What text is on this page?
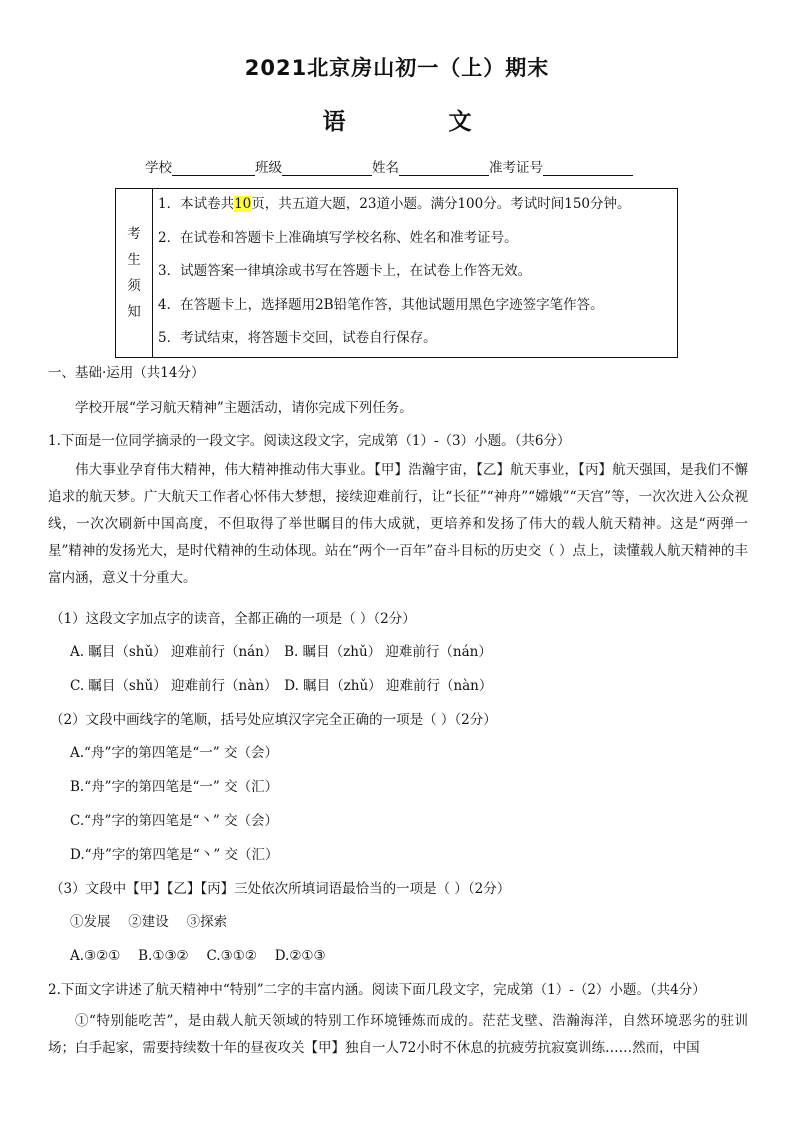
2021北京房山初一（上）期末
语　文
学校	班级	姓名	准考证号
考
生
须
知
1．本试卷共10页，共五道大题，23道小题。满分100分。考试时间150分钟。
2．在试卷和答题卡上准确填写学校名称、姓名和准考证号。
3．试题答案一律填涂或书写在答题卡上，在试卷上作答无效。
4．在答题卡上，选择题用2B铅笔作答，其他试题用黑色字迹签字笔作答。
5．考试结束，将答题卡交回，试卷自行保存。
一、基础·运用（共14分）
学校开展“学习航天精神”主题活动，请你完成下列任务。
1.下面是一位同学摘录的一段文字。阅读这段文字，完成第（1）-（3）小题。（共6分）
伟大事业孕育伟大精神，伟大精神推动伟大事业。【甲】浩瀚宇宙，【乙】航天事业，【丙】航天强国，是我们不懈追求的航天梦。广大航天工作者心怀伟大梦想，接续迎难前行，让“长征”“神舟”“嫦娥”“天宫”等，一次次进入公众视线，一次次刷新中国高度，不但取得了举世瞩目的伟大成就，更培养和发扬了伟大的载人航天精神。这是“两弹一星”精神的发扬光大，是时代精神的生动体现。站在“两个一百年”奋斗目标的历史交（ ）点上，读懂载人航天精神的丰富内涵，意义十分重大。
（1）这段文字加点字的读音，全都正确的一项是（ ）（2分）
A. 瞩目（shǔ） 迎难前行（nán）　B. 瞩目（zhǔ） 迎难前行（nán）
C. 瞩目（shǔ） 迎难前行（nàn）　D. 瞩目（zhǔ） 迎难前行（nàn）
（2）文段中画线字的笔顺，括号处应填汉字完全正确的一项是（ ）（2分）
A.“舟”字的第四笔是“一” 交（会）
B.“舟”字的第四笔是“一” 交（汇）
C.“舟”字的第四笔是“丶” 交（会）
D.“舟”字的第四笔是“丶” 交（汇）
（3）文段中【甲】【乙】【丙】三处依次所填词语最恰当的一项是（ ）（2分）
①发展　 ②建设　 ③探索
A.③②①　 B.①③②　 C.③①②　 D.②①③
2.下面文字讲述了航天精神中“特别”二字的丰富内涵。阅读下面几段文字，完成第（1）-（2）小题。（共4分）
①“特别能吃苦”，是由载人航天领域的特别工作环境锤炼而成的。茫茫戈壁、浩瀚海洋，自然环境恶劣的驻训场；白手起家，需要持续数十年的昼夜攻关【甲】独自一人72小时不休息的抗疲劳抗寂寞训练……然而，中国
